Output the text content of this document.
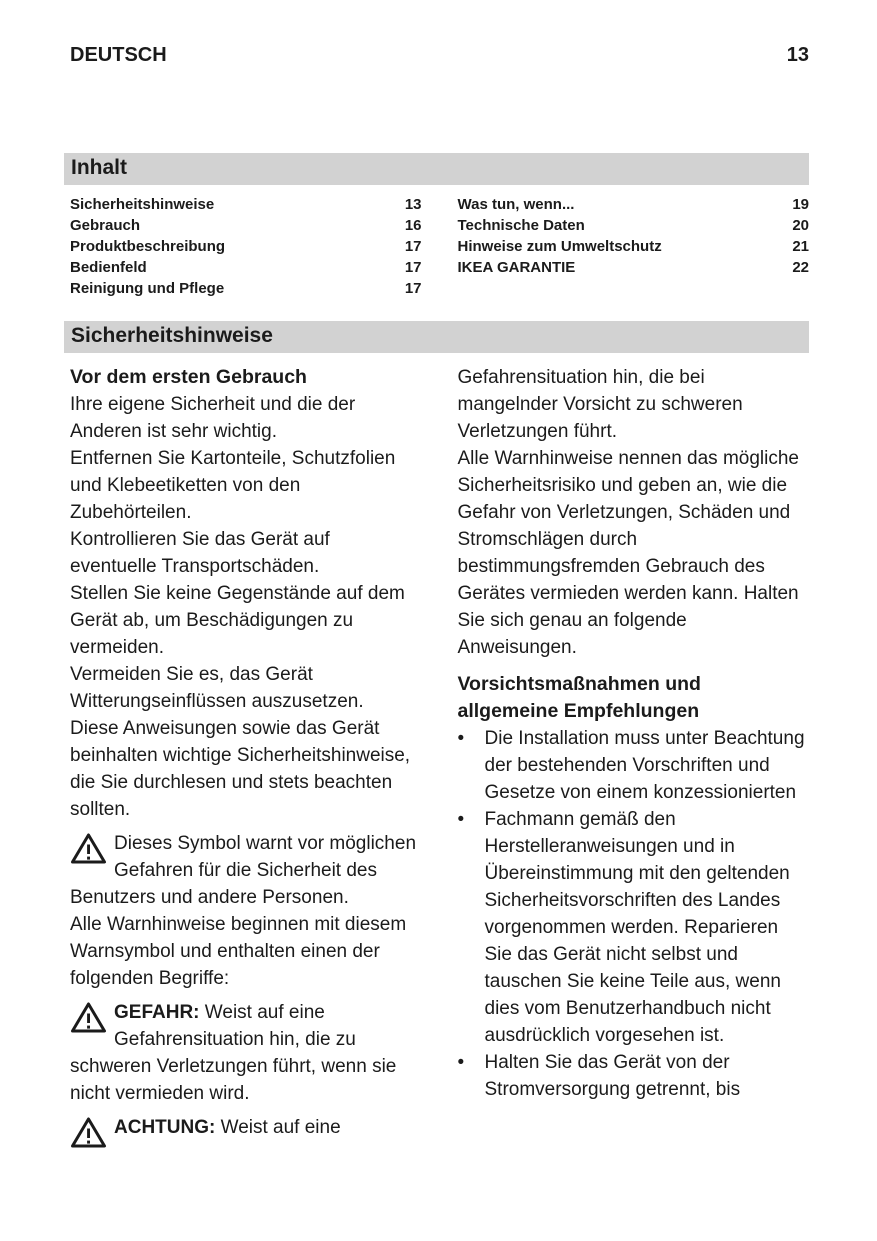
DEUTSCH	13
Inhalt
Sicherheitshinweise	13
Gebrauch	16
Produktbeschreibung	17
Bedienfeld	17
Reinigung und Pflege	17
Was tun, wenn...	19
Technische Daten	20
Hinweise zum Umweltschutz	21
IKEA GARANTIE	22
Sicherheitshinweise
Vor dem ersten Gebrauch

Ihre eigene Sicherheit und die der Anderen ist sehr wichtig.

Entfernen Sie Kartonteile, Schutzfolien und Klebeetiketten von den Zubehörteilen.

Kontrollieren Sie das Gerät auf eventuelle Transportschäden.

Stellen Sie keine Gegenstände auf dem Gerät ab, um Beschädigungen zu vermeiden.

Vermeiden Sie es, das Gerät Witterungseinflüssen auszusetzen.

Diese Anweisungen sowie das Gerät beinhalten wichtige Sicherheitshinweise, die Sie durchlesen und stets beachten sollten.

Dieses Symbol warnt vor möglichen Gefahren für die Sicherheit des Benutzers und andere Personen.

Alle Warnhinweise beginnen mit diesem Warnsymbol und enthalten einen der folgenden Begriffe:

GEFAHR: Weist auf eine Gefahrensituation hin, die zu schweren Verletzungen führt, wenn sie nicht vermieden wird.

ACHTUNG: Weist auf eine

Gefahrensituation hin, die bei mangelnder Vorsicht zu schweren Verletzungen führt.

Alle Warnhinweise nennen das mögliche Sicherheitsrisiko und geben an, wie die Gefahr von Verletzungen, Schäden und Stromschlägen durch bestimmungsfremden Gebrauch des Gerätes vermieden werden kann. Halten Sie sich genau an folgende Anweisungen.

Vorsichtsmaßnahmen und allgemeine Empfehlungen
•	Die Installation muss unter Beachtung der bestehenden Vorschriften und Gesetze von einem konzessionierten
•	Fachmann gemäß den Herstelleranweisungen und in Übereinstimmung mit den geltenden Sicherheitsvorschriften des Landes vorgenommen werden. Reparieren Sie das Gerät nicht selbst und tauschen Sie keine Teile aus, wenn dies vom Benutzerhandbuch nicht ausdrücklich vorgesehen ist.
•	Halten Sie das Gerät von der Stromversorgung getrennt, bis
